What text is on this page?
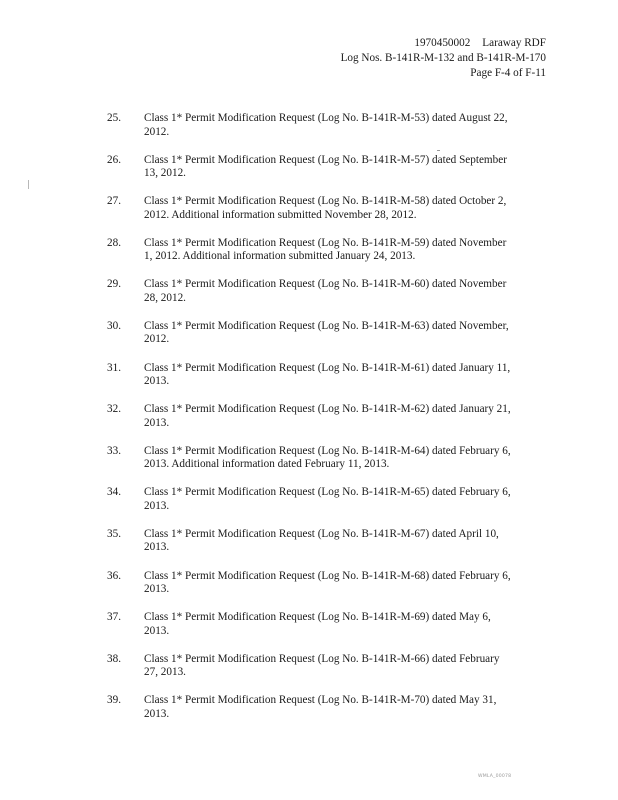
1970450002 Laraway RDF
Log Nos. B-141R-M-132 and B-141R-M-170
Page F-4 of F-11
25. Class 1* Permit Modification Request (Log No. B-141R-M-53) dated August 22,
2012.
26. Class 1* Permit Modification Request (Log No. B-141R-M-57) dated September
13, 2012.
27. Class 1* Permit Modification Request (Log No. B-141R-M-58) dated October 2,
2012. Additional information submitted November 28, 2012.
28. Class 1* Permit Modification Request (Log No. B-141R-M-59) dated November
1, 2012. Additional information submitted January 24, 2013.
29. Class 1* Permit Modification Request (Log No. B-141R-M-60) dated November
28, 2012.
30. Class 1* Permit Modification Request (Log No. B-141R-M-63) dated November,
2012.
31. Class 1* Permit Modification Request (Log No. B-141R-M-61) dated January 11,
2013.
32. Class 1* Permit Modification Request (Log No. B-141R-M-62) dated January 21,
2013.
33. Class 1* Permit Modification Request (Log No. B-141R-M-64) dated February 6,
2013. Additional information dated February 11, 2013.
34. Class 1* Permit Modification Request (Log No. B-141R-M-65) dated February 6,
2013.
35. Class 1* Permit Modification Request (Log No. B-141R-M-67) dated April 10,
2013.
36. Class 1* Permit Modification Request (Log No. B-141R-M-68) dated February 6,
2013.
37. Class 1* Permit Modification Request (Log No. B-141R-M-69) dated May 6,
2013.
38. Class 1* Permit Modification Request (Log No. B-141R-M-66) dated February
27, 2013.
39. Class 1* Permit Modification Request (Log No. B-141R-M-70) dated May 31,
2013.
WMLA_00078
